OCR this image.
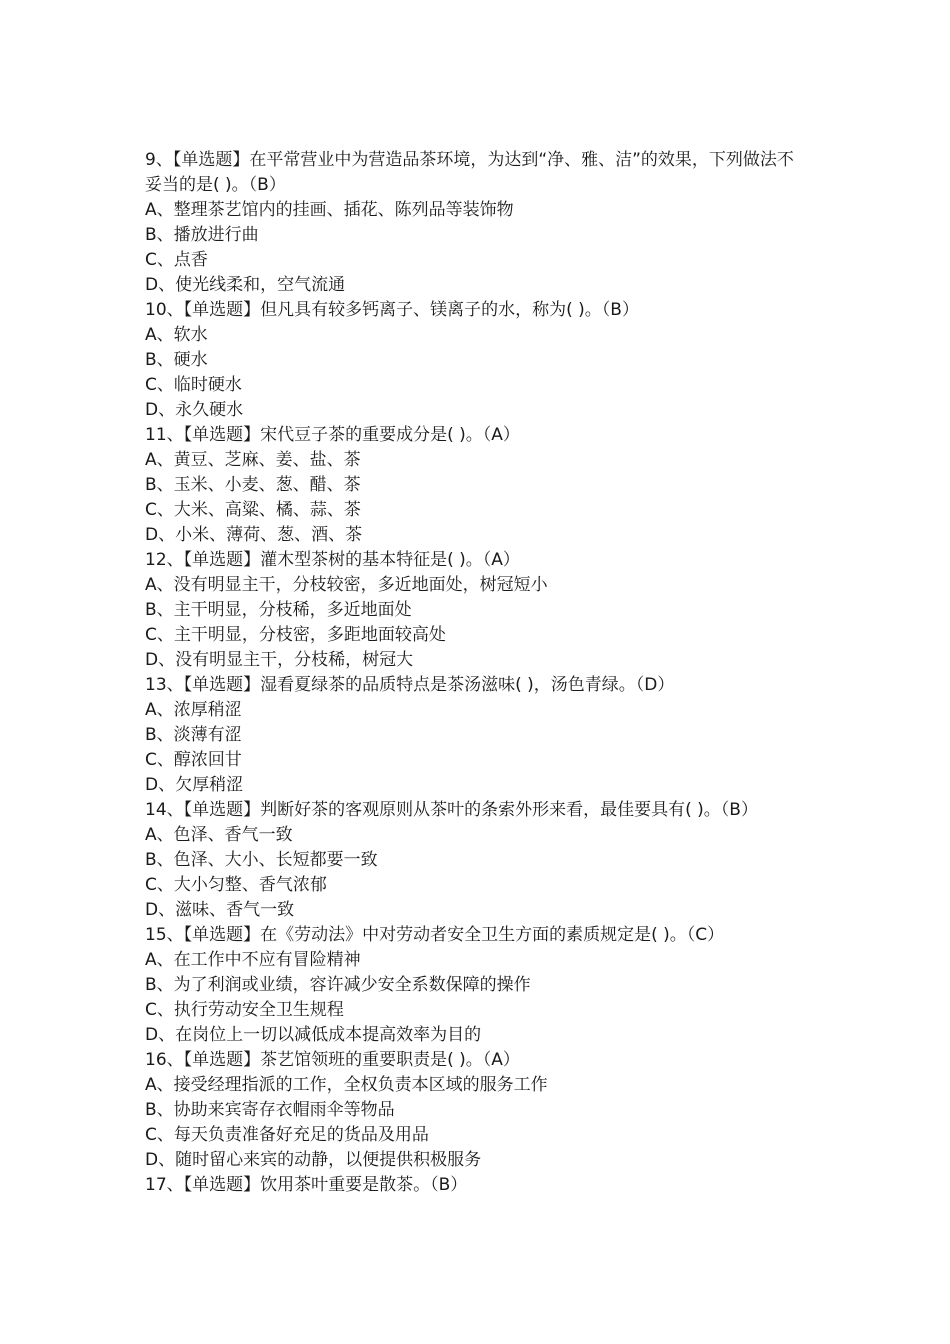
9、【单选题】在平常营业中为营造品茶环境，为达到“净、雅、洁”的效果，下列做法不妥当的是( )。（B）

A、整理茶艺馆内的挂画、插花、陈列品等装饰物

B、播放进行曲

C、点香

D、使光线柔和，空气流通

10、【单选题】但凡具有较多钙离子、镁离子的水，称为( )。（B）

A、软水

B、硬水

C、临时硬水

D、永久硬水

11、【单选题】宋代豆子茶的重要成分是( )。（A）

A、黄豆、芝麻、姜、盐、茶

B、玉米、小麦、葱、醋、茶

C、大米、高粱、橘、蒜、茶

D、小米、薄荷、葱、酒、茶

12、【单选题】灌木型茶树的基本特征是( )。（A）

A、没有明显主干，分枝较密，多近地面处，树冠短小

B、主干明显，分枝稀，多近地面处

C、主干明显，分枝密，多距地面较高处

D、没有明显主干，分枝稀，树冠大

13、【单选题】湿看夏绿茶的品质特点是茶汤滋味( )，汤色青绿。（D）

A、浓厚稍涩

B、淡薄有涩

C、醇浓回甘

D、欠厚稍涩

14、【单选题】判断好茶的客观原则从茶叶的条索外形来看，最佳要具有( )。（B）

A、色泽、香气一致

B、色泽、大小、长短都要一致

C、大小匀整、香气浓郁

D、滋味、香气一致

15、【单选题】在《劳动法》中对劳动者安全卫生方面的素质规定是( )。（C）

A、在工作中不应有冒险精神

B、为了利润或业绩，容许减少安全系数保障的操作

C、执行劳动安全卫生规程

D、在岗位上一切以减低成本提高效率为目的

16、【单选题】茶艺馆领班的重要职责是( )。（A）

A、接受经理指派的工作，全权负责本区域的服务工作

B、协助来宾寄存衣帽雨伞等物品

C、每天负责准备好充足的货品及用品

D、随时留心来宾的动静，以便提供积极服务

17、【单选题】饮用茶叶重要是散茶。（B）
